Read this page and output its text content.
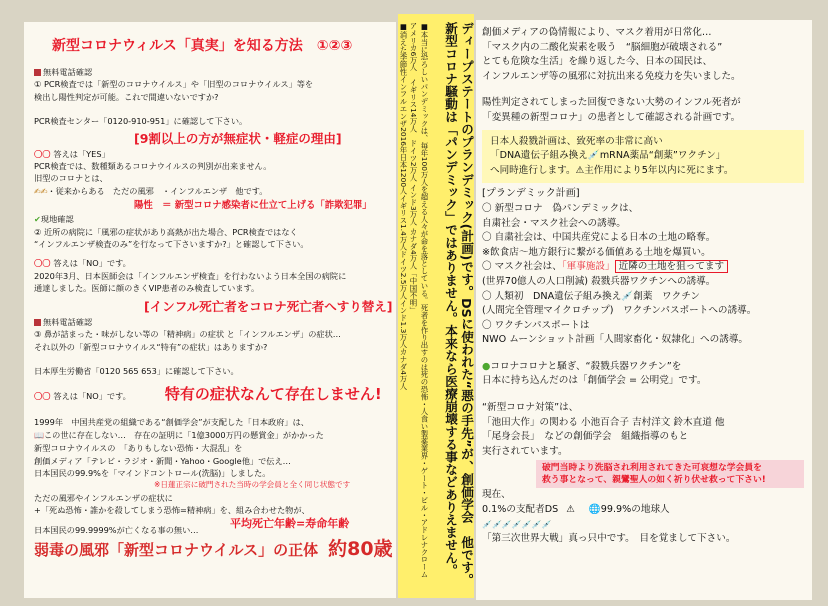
新型コロナウィルス「真実」を知る方法　①②③
無料電話確認
① PCR検査では「新型のコロナウイルス」や「旧型のコロナウイルス」等を
検出し陽性判定が可能。これで間違いないですか?
PCR検査センター「0120-910-951」に確認して下さい。
[9割以上の方が無症状・軽症の理由]
〇〇 答えは「YES」
PCR検査では、数種類あるコロナウイルスの判別が出来ません。
旧型のコロナとは、
✍✍・従来からある　ただの風邪　・インフルエンザ　他です。
陽性　＝ 新型コロナ感染者に仕立て上げる「詐欺犯罪」
✔現地確認
② 近所の病院に「風邪の症状があり高熱が出た場合、PCR検査ではなく
“インフルエンザ検査のみ”を行なって下さいますか?」と確認して下さい。
〇〇 答えは「NO」です。
2020年3月、日本医師会は「インフルエンザ検査」を行わないよう日本全国の病院に
通達しました。医師に顔のきくVIP患者のみ検査しています。
[インフル死亡者をコロナ死亡者へすり替え]
無料電話確認
③ 鼻が詰まった・味がしない等の「精神病」の症状 と「インフルエンザ」の症状…
それ以外の「新型コロナウイルス“特有”の症状」はありますか?
日本厚生労働省「0120 565 653」に確認して下さい。
〇〇 答えは「NO」です。 特有の症状なんて存在しません!
1999年　中国共産党の組織である“創価学会”が支配した「日本政府」は、
📖この世に存在しない…　存在の証明に「1億3000万円の懸賞金」がかかった
新型コロナウイルスの　「ありもしない恐怖・大混乱」を
創価メディア「テレビ・ラジオ・新聞・Yahoo・Google他」で伝え…
日本国民の99.9%を「マインドコントロール(洗脳)」しました。
※日蓮正宗に破門された当時の学会員と全く同じ状態です
ただの風邪やインフルエンザの症状に
+「死ぬ恐怖・誰かを殺してしまう恐怖=精神病」を、組み合わせた物が、
日本国民の99.9999%が亡くなる事の無い…	平均死亡年齢=寿命年齢
弱毒の風邪「新型コロナウイルス」の正体 約80歳
■消えた季節性インフルエンザ2016年日本1200人イギリス1.4万人ドイツ2.5万人インド1.3万人カナダ4万人 アメリカ6万人　イギリス14万人　ドイツ2万人 インド3万人 カナダ4万人「中国不明」 ■本当に恐ろしいパンデミックは、毎年100万人を超える人々が命を落としている。死者を作り出すのは死の恐怖・人食い製薬業界・ゲート・ビル・アドレナクローム 新型コロナ騒動は「パンデミック」ではありません。本来なら医療崩壊する事などありえません。 ディープステートのプランデミック(計画)です。DSに使われた“悪の手先”が、創価学会　他です。 創価メディアの偽情報により、マスク着用が日常化…
「マスク内の二酸化炭素を吸う　“脳細胞が破壊される”
とても危険な生活」を繰り返した今、日本の国民は、
インフルエンザ等の風邪に対抗出来る免疫力を失いました。
陽性判定されてしまった回復できない大勢のインフル死者が
「変異種の新型コロナ」の患者として確認される計画です。
日本人殺戮計画は、致死率の非常に高い
「DNA遺伝子組み換え💉mRNA薬品“創薬”ワクチン」
へ同時進行します。⚠主作用により5年以内に死にます。
[プランデミック計画]
〇 新型コロナ　偽パンデミックは、
自粛社会・マスク社会への誘導。
〇 自粛社会は、中国共産党による日本の土地の略奪。
※飲食店～地方銀行に繋がる価値ある土地を爆買い。
〇 マスク社会は、「軍事施設」 近隣の土地を狙ってます
(世界70億人の人口削減) 殺戮兵器ワクチンへの誘導。
〇 人類初　DNA遺伝子組み換え💉創薬　ワクチン
(人間完全管理マイクロチップ)　ワクチンパスポートへの誘導。
〇 ワクチンパスポートは
NWO ムーンショット計画「人間家畜化・奴隷化」への誘導。
●コロナコロナと騒ぎ、“殺戮兵器ワクチン”を
日本に持ち込んだのは「創価学会 = 公明党」です。
“新型コロナ対策”は、
「池田大作」の関わる 小池百合子 吉村洋文 鈴木直道 他
「尾身会長」　などの創価学会　組織指導のもと
実行されています。
破門当時より洗脳され利用されてきた可哀想な学会員を
救う事となって、親鸞聖人の如く祈り伏せ救って下さい!
現在、
0.1%の支配者DS ⚠ 🌐99.9%の地球人
💉💉💉💉💉💉💉
「第三次世界大戦」真っ只中です。　目を覚まして下さい。
